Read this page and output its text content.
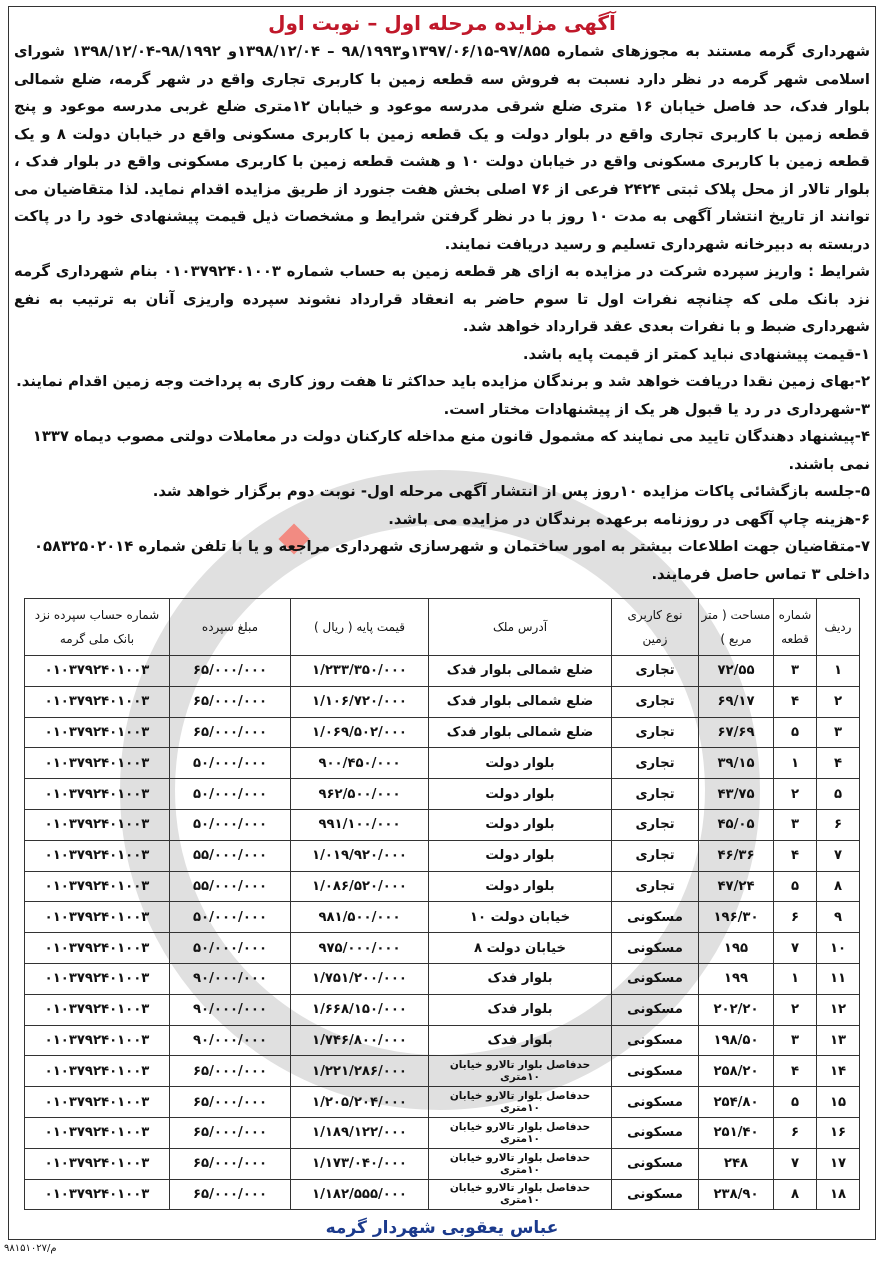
آگهی مزایده مرحله اول – نوبت اول

شهرداری گرمه مستند به مجوزهای شماره ۹۷/۸۵۵-۱۳۹۷/۰۶/۱۵و۹۸/۱۹۹۳ – ۱۳۹۸/۱۲/۰۴و ۹۸/۱۹۹۲-۱۳۹۸/۱۲/۰۴ شورای اسلامی شهر گرمه در نظر دارد نسبت به فروش سه قطعه زمین با کاربری تجاری واقع در شهر گرمه، ضلع شمالی بلوار فدک، حد فاصل خیابان ۱۶ متری ضلع شرقی مدرسه موعود و خیابان ۱۲متری ضلع غربی مدرسه موعود و پنج قطعه زمین با کاربری تجاری واقع در بلوار دولت و یک قطعه زمین با کاربری مسکونی واقع در خیابان دولت ۸ و یک قطعه زمین با کاربری مسکونی واقع در خیابان دولت ۱۰ و هشت قطعه زمین با کاربری مسکونی واقع در بلوار فدک ، بلوار تالار از محل پلاک ثبتی ۲۴۲۴ فرعی از ۷۶ اصلی بخش هفت جنورد از طریق مزایده اقدام نماید. لذا متقاضیان می توانند از تاریخ انتشار آگهی به مدت ۱۰ روز با در نظر گرفتن شرایط و مشخصات ذیل قیمت پیشنهادی خود را در پاکت دربسته به دبیرخانه شهرداری تسلیم و رسید دریافت نمایند.

شرایط : واریز سپرده شرکت در مزایده به ازای هر قطعه زمین به حساب شماره ۰۱۰۳۷۹۲۴۰۱۰۰۳ بنام شهرداری گرمه نزد بانک ملی که چنانچه نفرات اول تا سوم حاضر به انعقاد قرارداد نشوند سپرده واریزی آنان به ترتیب به نفع شهرداری ضبط و با نفرات بعدی عقد قرارداد خواهد شد.

۱-قیمت پیشنهادی نباید کمتر از قیمت پایه باشد.
۲-بهای زمین نقدا دریافت خواهد شد و برندگان مزایده باید حداکثر تا هفت روز کاری به پرداخت وجه زمین اقدام نمایند.
۳-شهرداری در رد یا قبول هر یک از پیشنهادات مختار است.
۴-پیشنهاد دهندگان تایید می نمایند که مشمول قانون منع مداخله کارکنان دولت در معاملات دولتی مصوب دیماه ۱۳۳۷ نمی باشند.
۵-جلسه بازگشائی پاکات مزایده ۱۰روز پس از انتشار آگهی مرحله اول- نوبت دوم برگزار خواهد شد.
۶-هزینه چاپ آگهی در روزنامه برعهده برندگان در مزایده می باشد.
۷-متقاضیان جهت اطلاعات بیشتر به امور ساختمان و شهرسازی شهرداری مراجعه و یا با تلفن شماره ۰۵۸۳۲۵۰۲۰۱۴ داخلی ۳ تماس حاصل فرمایند.
ردیف	شماره قطعه	مساحت ( متر مربع )	نوع کاربری زمین	آدرس ملک	قیمت پایه ( ریال )	مبلغ سپرده	شماره حساب سپرده نزد بانک ملی گرمه
۱	۳	۷۲/۵۵	تجاری	ضلع شمالی بلوار فدک	۱/۲۳۳/۳۵۰/۰۰۰	۶۵/۰۰۰/۰۰۰	۰۱۰۳۷۹۲۴۰۱۰۰۳
۲	۴	۶۹/۱۷	تجاری	ضلع شمالی بلوار فدک	۱/۱۰۶/۷۲۰/۰۰۰	۶۵/۰۰۰/۰۰۰	۰۱۰۳۷۹۲۴۰۱۰۰۳
۳	۵	۶۷/۶۹	تجاری	ضلع شمالی بلوار فدک	۱/۰۶۹/۵۰۲/۰۰۰	۶۵/۰۰۰/۰۰۰	۰۱۰۳۷۹۲۴۰۱۰۰۳
۴	۱	۳۹/۱۵	تجاری	بلوار دولت	۹۰۰/۴۵۰/۰۰۰	۵۰/۰۰۰/۰۰۰	۰۱۰۳۷۹۲۴۰۱۰۰۳
۵	۲	۴۳/۷۵	تجاری	بلوار دولت	۹۶۲/۵۰۰/۰۰۰	۵۰/۰۰۰/۰۰۰	۰۱۰۳۷۹۲۴۰۱۰۰۳
۶	۳	۴۵/۰۵	تجاری	بلوار دولت	۹۹۱/۱۰۰/۰۰۰	۵۰/۰۰۰/۰۰۰	۰۱۰۳۷۹۲۴۰۱۰۰۳
۷	۴	۴۶/۳۶	تجاری	بلوار دولت	۱/۰۱۹/۹۲۰/۰۰۰	۵۵/۰۰۰/۰۰۰	۰۱۰۳۷۹۲۴۰۱۰۰۳
۸	۵	۴۷/۲۴	تجاری	بلوار دولت	۱/۰۸۶/۵۲۰/۰۰۰	۵۵/۰۰۰/۰۰۰	۰۱۰۳۷۹۲۴۰۱۰۰۳
۹	۶	۱۹۶/۳۰	مسکونی	خیابان دولت ۱۰	۹۸۱/۵۰۰/۰۰۰	۵۰/۰۰۰/۰۰۰	۰۱۰۳۷۹۲۴۰۱۰۰۳
۱۰	۷	۱۹۵	مسکونی	خیابان دولت ۸	۹۷۵/۰۰۰/۰۰۰	۵۰/۰۰۰/۰۰۰	۰۱۰۳۷۹۲۴۰۱۰۰۳
۱۱	۱	۱۹۹	مسکونی	بلوار فدک	۱/۷۵۱/۲۰۰/۰۰۰	۹۰/۰۰۰/۰۰۰	۰۱۰۳۷۹۲۴۰۱۰۰۳
۱۲	۲	۲۰۲/۲۰	مسکونی	بلوار فدک	۱/۶۶۸/۱۵۰/۰۰۰	۹۰/۰۰۰/۰۰۰	۰۱۰۳۷۹۲۴۰۱۰۰۳
۱۳	۳	۱۹۸/۵۰	مسکونی	بلوار فدک	۱/۷۴۶/۸۰۰/۰۰۰	۹۰/۰۰۰/۰۰۰	۰۱۰۳۷۹۲۴۰۱۰۰۳
۱۴	۴	۲۵۸/۲۰	مسکونی	حدفاصل بلوار تالارو خیابان ۱۰متری	۱/۲۲۱/۲۸۶/۰۰۰	۶۵/۰۰۰/۰۰۰	۰۱۰۳۷۹۲۴۰۱۰۰۳
۱۵	۵	۲۵۴/۸۰	مسکونی	حدفاصل بلوار تالارو خیابان ۱۰متری	۱/۲۰۵/۲۰۴/۰۰۰	۶۵/۰۰۰/۰۰۰	۰۱۰۳۷۹۲۴۰۱۰۰۳
۱۶	۶	۲۵۱/۴۰	مسکونی	حدفاصل بلوار تالارو خیابان ۱۰متری	۱/۱۸۹/۱۲۲/۰۰۰	۶۵/۰۰۰/۰۰۰	۰۱۰۳۷۹۲۴۰۱۰۰۳
۱۷	۷	۲۴۸	مسکونی	حدفاصل بلوار تالارو خیابان ۱۰متری	۱/۱۷۳/۰۴۰/۰۰۰	۶۵/۰۰۰/۰۰۰	۰۱۰۳۷۹۲۴۰۱۰۰۳
۱۸	۸	۲۳۸/۹۰	مسکونی	حدفاصل بلوار تالارو خیابان ۱۰متری	۱/۱۸۲/۵۵۵/۰۰۰	۶۵/۰۰۰/۰۰۰	۰۱۰۳۷۹۲۴۰۱۰۰۳
عباس یعقوبی شهردار گرمه
م/۹۸۱۵۱۰۲۷
